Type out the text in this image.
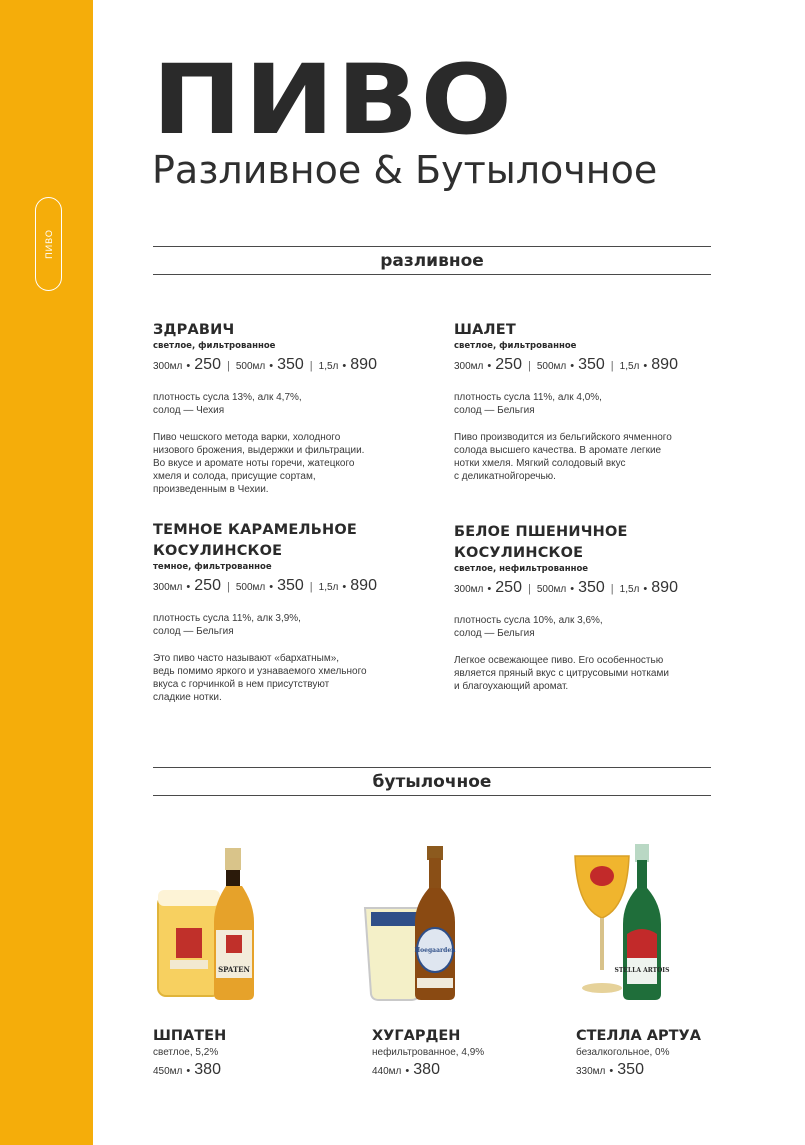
ПИВО
ПИВО
Разливное & Бутылочное
разливное
ЗДРАВИЧ
светлое, фильтрованное
300мл • 250 | 500мл • 350 | 1,5л • 890
плотность сусла 13%, алк 4,7%,
солод — Чехия
Пиво чешского метода варки, холодного
низового брожения, выдержки и фильтрации.
Во вкусе и аромате ноты горечи, жатецкого
хмеля и солода, присущие сортам,
произведенным в Чехии.
ШАЛЕТ
светлое, фильтрованное
300мл • 250 | 500мл • 350 | 1,5л • 890
плотность сусла 11%, алк 4,0%,
солод — Бельгия
Пиво производится из бельгийского ячменного
солода высшего качества. В аромате легкие
нотки хмеля. Мягкий солодовый вкус
с деликатнойгоречью.
ТЕМНОЕ КАРАМЕЛЬНОЕ
КОСУЛИНСКОЕ
темное, фильтрованное
300мл • 250 | 500мл • 350 | 1,5л • 890
плотность сусла 11%, алк 3,9%,
солод — Бельгия
Это пиво часто называют «бархатным»,
ведь помимо яркого и узнаваемого хмельного
вкуса с горчинкой в нем присутствуют
сладкие нотки.
БЕЛОЕ ПШЕНИЧНОЕ
КОСУЛИНСКОЕ
светлое, нефильтрованное
300мл • 250 | 500мл • 350 | 1,5л • 890
плотность сусла 10%, алк 3,6%,
солод — Бельгия
Легкое освежающее пиво. Его особенностью
является пряный вкус с цитрусовыми нотками
и благоухающий аромат.
бутылочное
SPATEN
Hoegaarden
STELLA ARTOIS
ШПАТЕН
светлое, 5,2%
450мл • 380
ХУГАРДЕН
нефильтрованное, 4,9%
440мл • 380
СТЕЛЛА АРТУА
безалкогольное, 0%
330мл • 350
